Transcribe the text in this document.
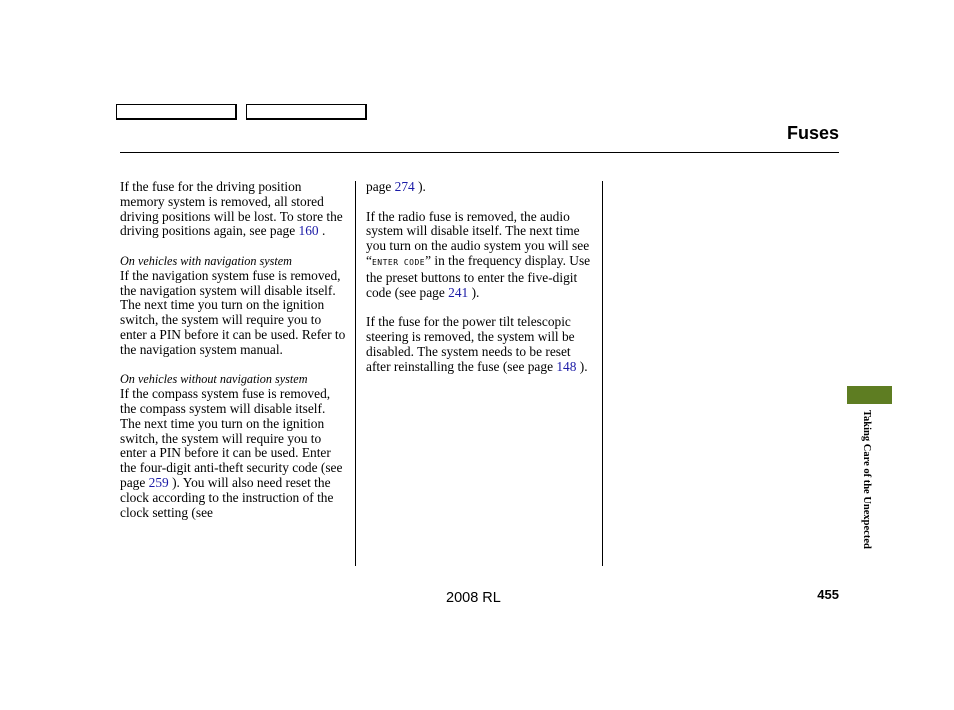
Fuses

If the fuse for the driving position memory system is removed, all stored driving positions will be lost. To store the driving positions again, see page 160 .

On vehicles with navigation system

If the navigation system fuse is removed, the navigation system will disable itself. The next time you turn on the ignition switch, the system will require you to enter a PIN before it can be used. Refer to the navigation system manual.

On vehicles without navigation system

If the compass system fuse is removed, the compass system will disable itself. The next time you turn on the ignition switch, the system will require you to enter a PIN before it can be used. Enter the four-digit anti-theft security code (see page 259 ). You will also need reset the clock according to the instruction of the clock setting (see

page 274 ).

If the radio fuse is removed, the audio system will disable itself. The next time you turn on the audio system you will see “ENTER CODE” in the frequency display. Use the preset buttons to enter the five-digit code (see page 241 ).

If the fuse for the power tilt telescopic steering is removed, the system will be disabled. The system needs to be reset after reinstalling the fuse (see page 148 ).

Taking Care of the Unexpected
2008 RL	455
